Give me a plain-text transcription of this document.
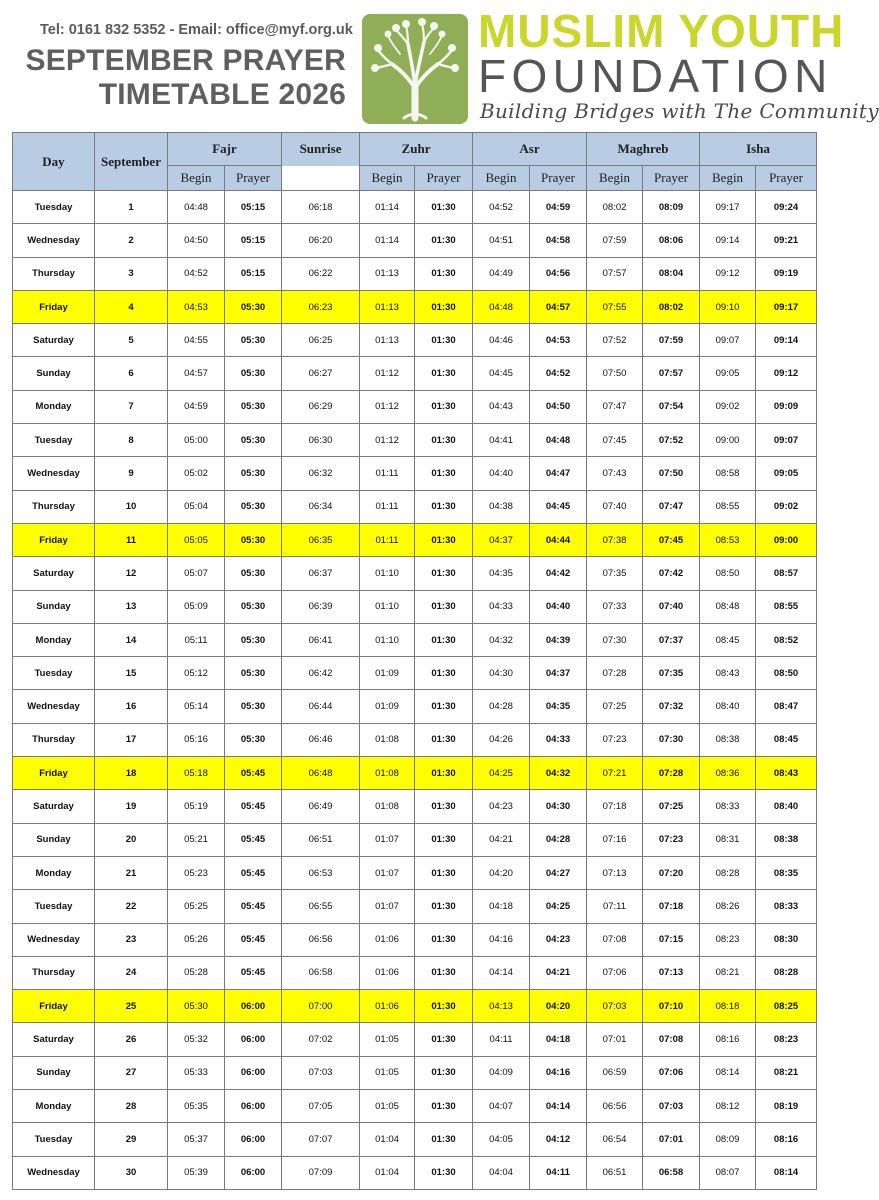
Tel: 0161 832 5352 - Email: office@myf.org.uk
SEPTEMBER PRAYER
TIMETABLE 2026
MUSLIM YOUTH
FOUNDATION
Building Bridges with The Community
Day	September	Fajr		Sunrise	Zuhr		Asr		Maghreb		Isha	
		Begin	Prayer		Begin	Prayer	Begin	Prayer	Begin	Prayer	Begin	Prayer
Tuesday	1	04:48	05:15	06:18	01:14	01:30	04:52	04:59	08:02	08:09	09:17	09:24
Wednesday	2	04:50	05:15	06:20	01:14	01:30	04:51	04:58	07:59	08:06	09:14	09:21
Thursday	3	04:52	05:15	06:22	01:13	01:30	04:49	04:56	07:57	08:04	09:12	09:19
Friday	4	04:53	05:30	06:23	01:13	01:30	04:48	04:57	07:55	08:02	09:10	09:17
Saturday	5	04:55	05:30	06:25	01:13	01:30	04:46	04:53	07:52	07:59	09:07	09:14
Sunday	6	04:57	05:30	06:27	01:12	01:30	04:45	04:52	07:50	07:57	09:05	09:12
Monday	7	04:59	05:30	06:29	01:12	01:30	04:43	04:50	07:47	07:54	09:02	09:09
Tuesday	8	05:00	05:30	06:30	01:12	01:30	04:41	04:48	07:45	07:52	09:00	09:07
Wednesday	9	05:02	05:30	06:32	01:11	01:30	04:40	04:47	07:43	07:50	08:58	09:05
Thursday	10	05:04	05:30	06:34	01:11	01:30	04:38	04:45	07:40	07:47	08:55	09:02
Friday	11	05:05	05:30	06:35	01:11	01:30	04:37	04:44	07:38	07:45	08:53	09:00
Saturday	12	05:07	05:30	06:37	01:10	01:30	04:35	04:42	07:35	07:42	08:50	08:57
Sunday	13	05:09	05:30	06:39	01:10	01:30	04:33	04:40	07:33	07:40	08:48	08:55
Monday	14	05:11	05:30	06:41	01:10	01:30	04:32	04:39	07:30	07:37	08:45	08:52
Tuesday	15	05:12	05:30	06:42	01:09	01:30	04:30	04:37	07:28	07:35	08:43	08:50
Wednesday	16	05:14	05:30	06:44	01:09	01:30	04:28	04:35	07:25	07:32	08:40	08:47
Thursday	17	05:16	05:30	06:46	01:08	01:30	04:26	04:33	07:23	07:30	08:38	08:45
Friday	18	05:18	05:45	06:48	01:08	01:30	04:25	04:32	07:21	07:28	08:36	08:43
Saturday	19	05:19	05:45	06:49	01:08	01:30	04:23	04:30	07:18	07:25	08:33	08:40
Sunday	20	05:21	05:45	06:51	01:07	01:30	04:21	04:28	07:16	07:23	08:31	08:38
Monday	21	05:23	05:45	06:53	01:07	01:30	04:20	04:27	07:13	07:20	08:28	08:35
Tuesday	22	05:25	05:45	06:55	01:07	01:30	04:18	04:25	07:11	07:18	08:26	08:33
Wednesday	23	05:26	05:45	06:56	01:06	01:30	04:16	04:23	07:08	07:15	08:23	08:30
Thursday	24	05:28	05:45	06:58	01:06	01:30	04:14	04:21	07:06	07:13	08:21	08:28
Friday	25	05:30	06:00	07:00	01:06	01:30	04:13	04:20	07:03	07:10	08:18	08:25
Saturday	26	05:32	06:00	07:02	01:05	01:30	04:11	04:18	07:01	07:08	08:16	08:23
Sunday	27	05:33	06:00	07:03	01:05	01:30	04:09	04:16	06:59	07:06	08:14	08:21
Monday	28	05:35	06:00	07:05	01:05	01:30	04:07	04:14	06:56	07:03	08:12	08:19
Tuesday	29	05:37	06:00	07:07	01:04	01:30	04:05	04:12	06:54	07:01	08:09	08:16
Wednesday	30	05:39	06:00	07:09	01:04	01:30	04:04	04:11	06:51	06:58	08:07	08:14
